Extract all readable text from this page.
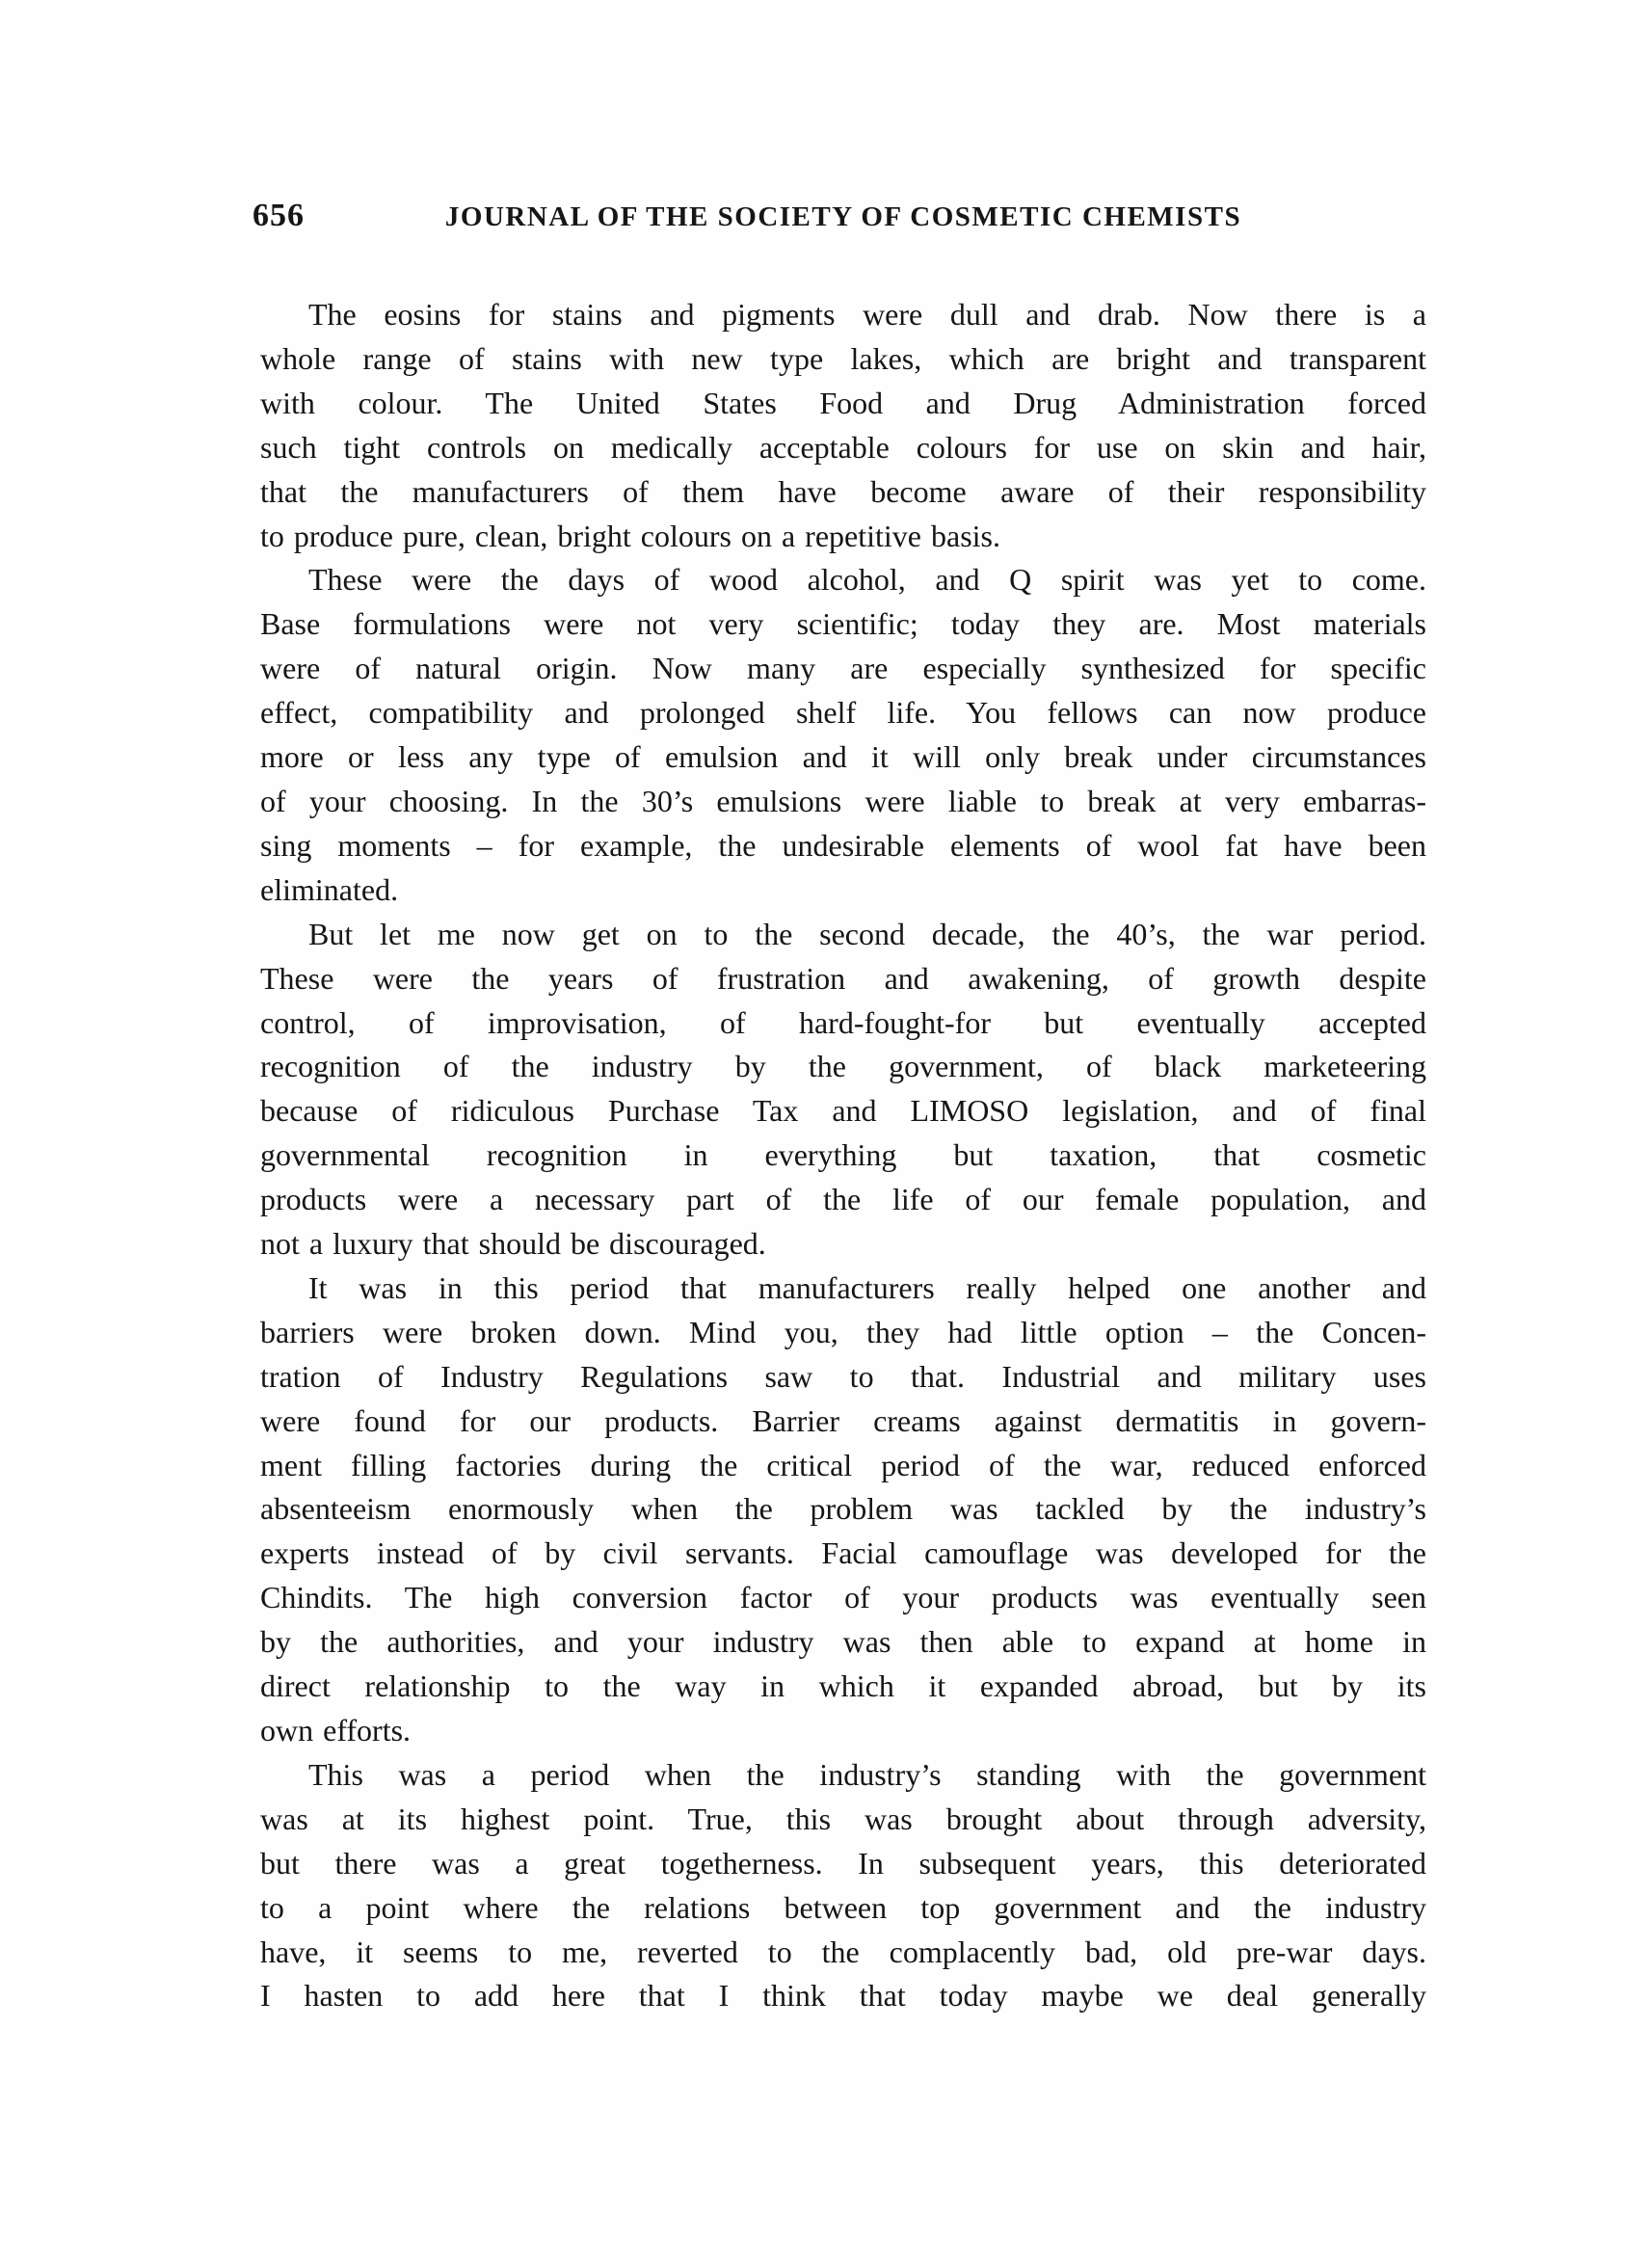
656	JOURNAL OF THE SOCIETY OF COSMETIC CHEMISTS
The eosins for stains and pigments were dull and drab. Now there is a
whole range of stains with new type lakes, which are bright and transparent
with colour. The United States Food and Drug Administration forced
such tight controls on medically acceptable colours for use on skin and hair,
that the manufacturers of them have become aware of their responsibility
to produce pure, clean, bright colours on a repetitive basis.
These were the days of wood alcohol, and Q spirit was yet to come.
Base formulations were not very scientific; today they are. Most materials
were of natural origin. Now many are especially synthesized for specific
effect, compatibility and prolonged shelf life. You fellows can now produce
more or less any type of emulsion and it will only break under circumstances
of your choosing. In the 30’s emulsions were liable to break at very embarras-
sing moments – for example, the undesirable elements of wool fat have been
eliminated.
But let me now get on to the second decade, the 40’s, the war period.
These were the years of frustration and awakening, of growth despite
control, of improvisation, of hard-fought-for but eventually accepted
recognition of the industry by the government, of black marketeering
because of ridiculous Purchase Tax and LIMOSO legislation, and of final
governmental recognition in everything but taxation, that cosmetic
products were a necessary part of the life of our female population, and
not a luxury that should be discouraged.
It was in this period that manufacturers really helped one another and
barriers were broken down. Mind you, they had little option – the Concen-
tration of Industry Regulations saw to that. Industrial and military uses
were found for our products. Barrier creams against dermatitis in govern-
ment filling factories during the critical period of the war, reduced enforced
absenteeism enormously when the problem was tackled by the industry’s
experts instead of by civil servants. Facial camouflage was developed for the
Chindits. The high conversion factor of your products was eventually seen
by the authorities, and your industry was then able to expand at home in
direct relationship to the way in which it expanded abroad, but by its
own efforts.
This was a period when the industry’s standing with the government
was at its highest point. True, this was brought about through adversity,
but there was a great togetherness. In subsequent years, this deteriorated
to a point where the relations between top government and the industry
have, it seems to me, reverted to the complacently bad, old pre-war days.
I hasten to add here that I think that today maybe we deal generally
